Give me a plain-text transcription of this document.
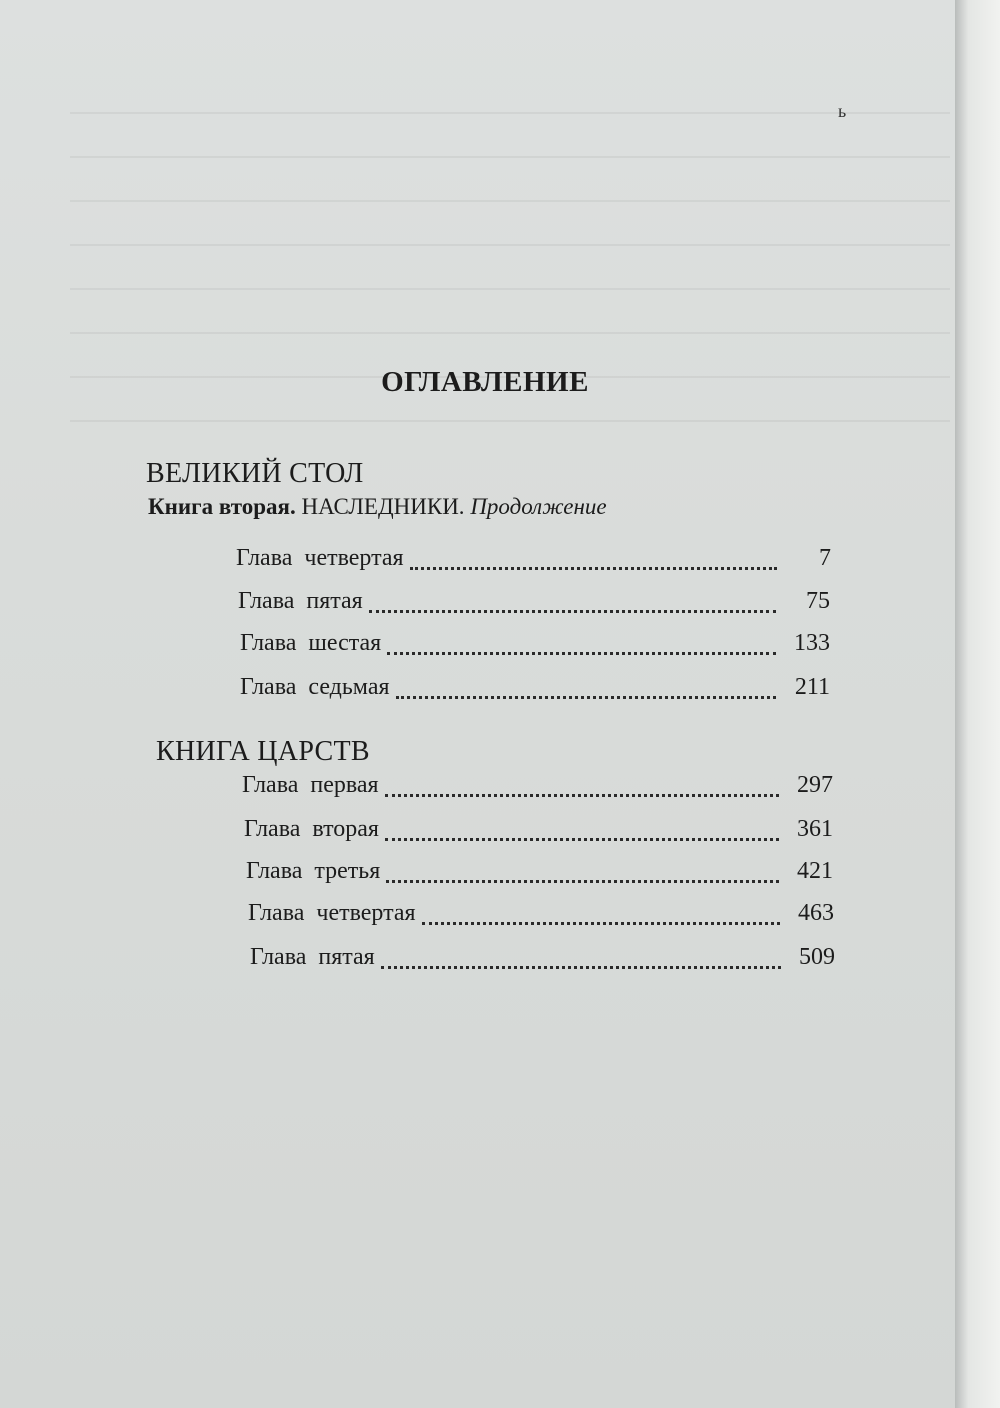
ь
ОГЛАВЛЕНИЕ
ВЕЛИКИЙ СТОЛ
Книга вторая. НАСЛЕДНИКИ. Продолжение
Глава четвертая	7
Глава пятая	75
Глава шестая	133
Глава седьмая	211
КНИГА ЦАРСТВ
Глава первая	297
Глава вторая	361
Глава третья	421
Глава четвертая	463
Глава пятая	509
